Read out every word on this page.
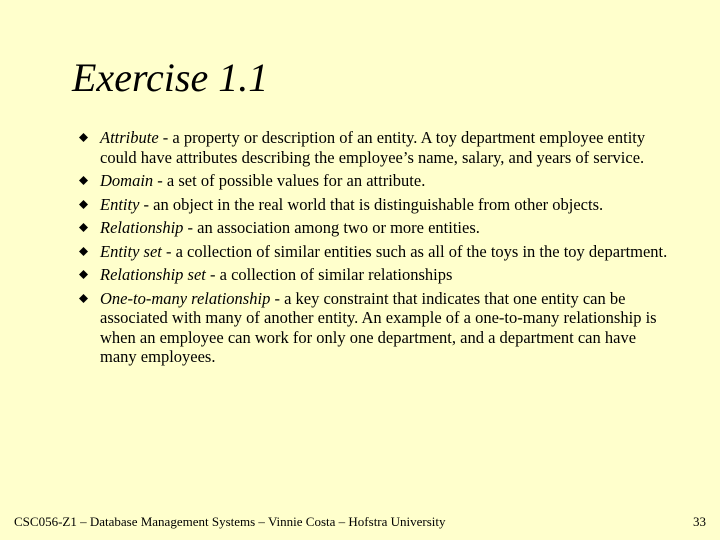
Exercise 1.1
Attribute - a property or description of an entity. A toy department employee entity could have attributes describing the employee’s name, salary, and years of service.
Domain - a set of possible values for an attribute.
Entity - an object in the real world that is distinguishable from other objects.
Relationship - an association among two or more entities.
Entity set - a collection of similar entities such as all of the toys in the toy department.
Relationship set - a collection of similar relationships
One-to-many relationship - a key constraint that indicates that one entity can be associated with many of another entity. An example of a one-to-many relationship is when an employee can work for only one department, and a department can have many employees.
CSC056-Z1 – Database Management Systems – Vinnie Costa – Hofstra University	33
